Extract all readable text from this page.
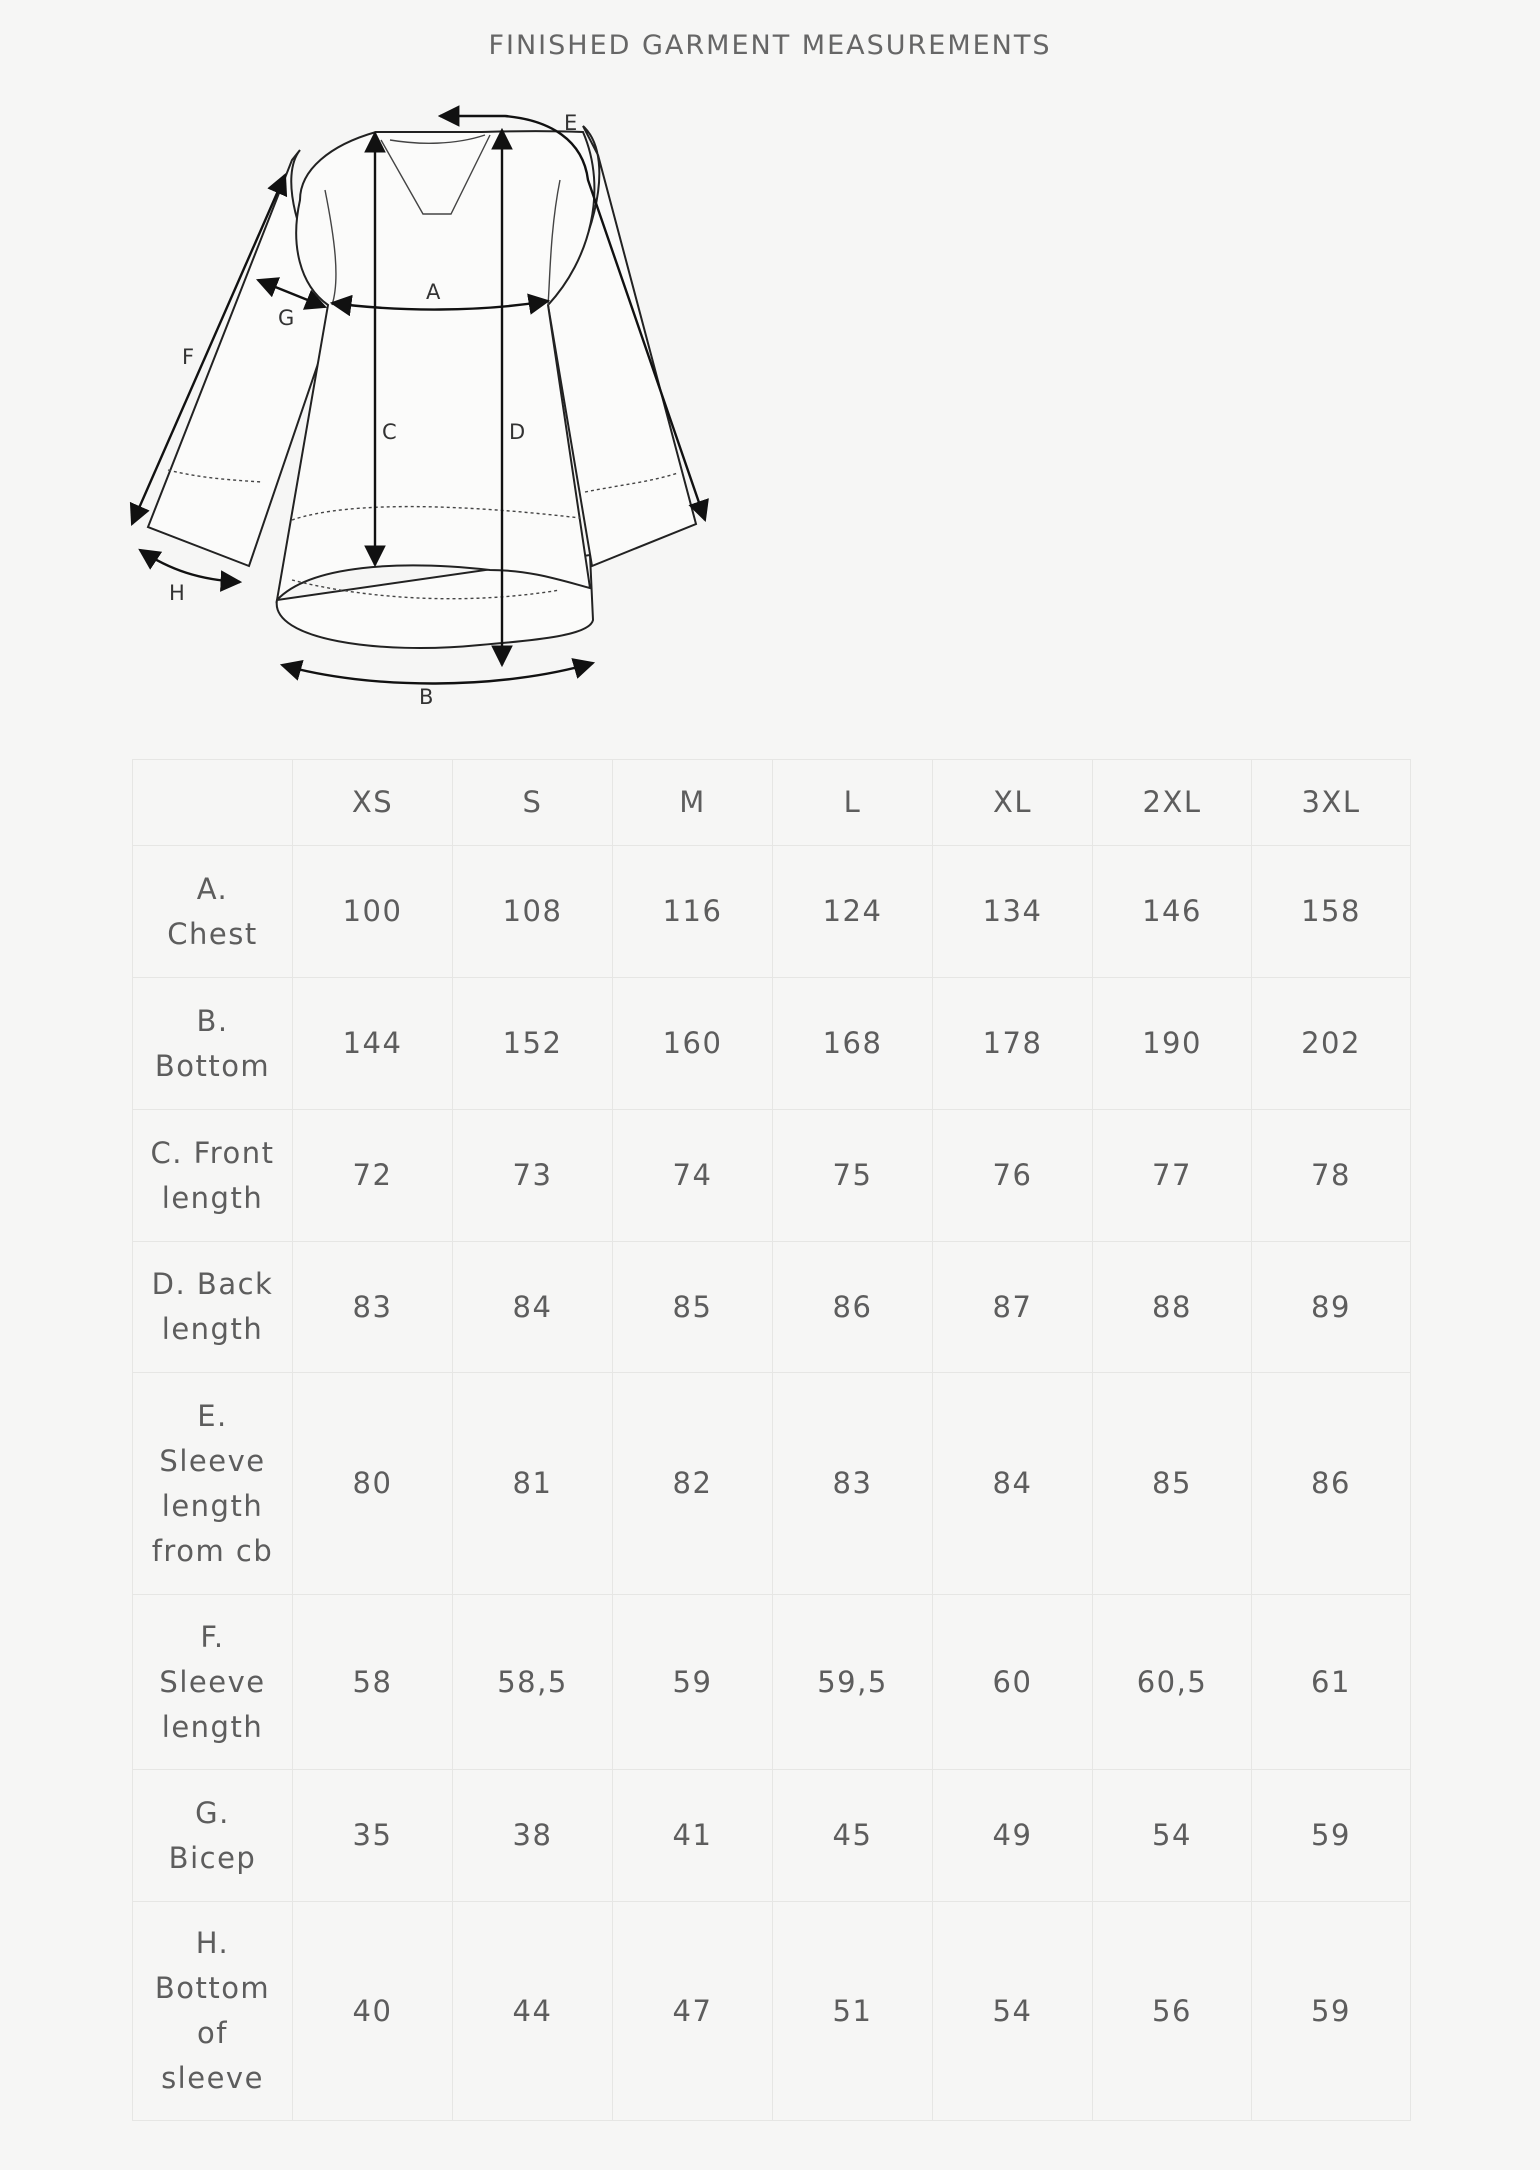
FINISHED GARMENT MEASUREMENTS
A
B
C	D
E
F
G
H
	XS	S	M	L	XL	2XL	3XL
A.
Chest	100	108	116	124	134	146	158
B.
Bottom	144	152	160	168	178	190	202
C. Front
length	72	73	74	75	76	77	78
D. Back
length	83	84	85	86	87	88	89
E.
Sleeve
length
from cb	80	81	82	83	84	85	86
F.
Sleeve
length	58	58,5	59	59,5	60	60,5	61
G.
Bicep	35	38	41	45	49	54	59
H.
Bottom
of
sleeve	40	44	47	51	54	56	59
